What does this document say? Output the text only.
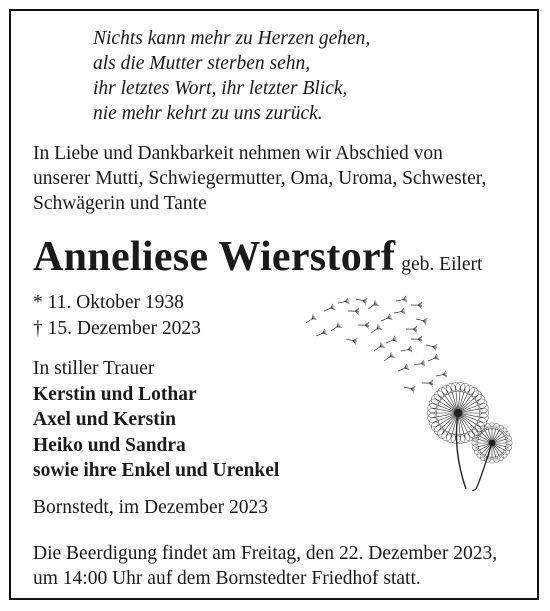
Nichts kann mehr zu Herzen gehen,
als die Mutter sterben sehn,
ihr letztes Wort, ihr letzter Blick,
nie mehr kehrt zu uns zurück.
In Liebe und Dankbarkeit nehmen wir Abschied von
unserer Mutti, Schwiegermutter, Oma, Uroma, Schwester,
Schwägerin und Tante
Anneliese Wierstorf geb. Eilert
* 11. Oktober 1938
† 15. Dezember 2023
In stiller Trauer
Kerstin und Lothar
Axel und Kerstin
Heiko und Sandra
sowie ihre Enkel und Urenkel
Bornstedt, im Dezember 2023
Die Beerdigung findet am Freitag, den 22. Dezember 2023,
um 14:00 Uhr auf dem Bornstedter Friedhof statt.
